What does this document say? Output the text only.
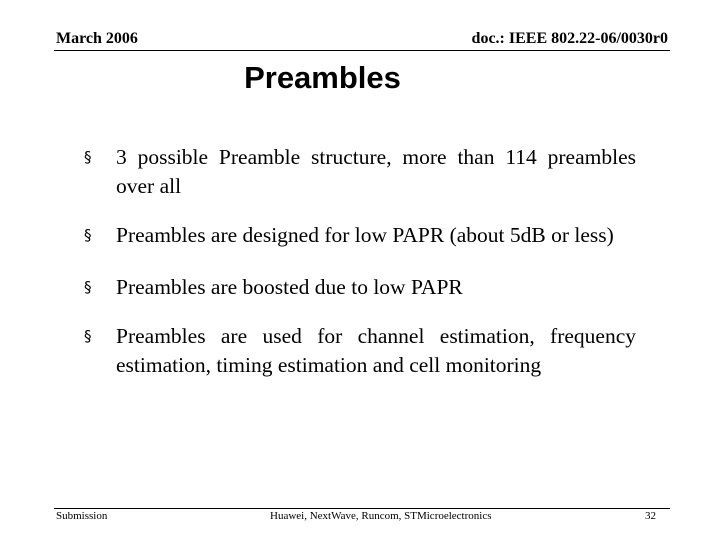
March 2006	doc.: IEEE 802.22-06/0030r0
Preambles
§ 3 possible Preamble structure, more than 114 preambles over all
§ Preambles are designed for low PAPR (about 5dB or less)
§ Preambles are boosted due to low PAPR
§ Preambles are used for channel estimation, frequency estimation, timing estimation and cell monitoring
Submission	Huawei, NextWave, Runcom, STMicroelectronics	32
